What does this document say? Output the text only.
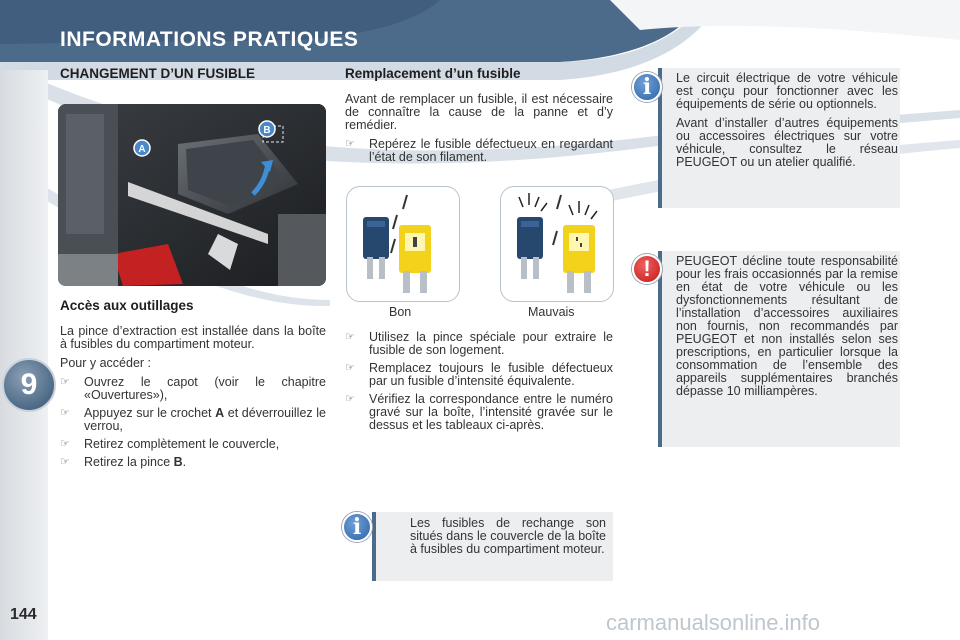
INFORMATIONS PRATIQUES
9
144	carmanualsonline.info
CHANGEMENT D’UN FUSIBLE
A
B
Accès aux outillages

La pince d’extraction est installée dans la boîte à fusibles du compartiment moteur.

Pour y accéder :

☞ Ouvrez le capot (voir le chapitre «Ouvertures»),
☞ Appuyez sur le crochet A et déverrouillez le verrou,
☞ Retirez complètement le couvercle,
☞ Retirez la pince B.
Remplacement d’un fusible

Avant de remplacer un fusible, il est nécessaire de connaître la cause de la panne et d’y remédier.

☞ Repérez le fusible défectueux en regardant l’état de son filament.
Bon	Mauvais
☞ Utilisez la pince spéciale pour extraire le fusible de son logement.
☞ Remplacez toujours le fusible défectueux par un fusible d’intensité équivalente.
☞ Vérifiez la correspondance entre le numéro gravé sur la boîte, l’intensité gravée sur le dessus et les tableaux ci-après.
Les fusibles de rechange son situés dans le couvercle de la boîte à fusibles du compartiment moteur.
i

Le circuit électrique de votre véhicule est conçu pour fonctionner avec les équipements de série ou optionnels.

Avant d’installer d’autres équipements ou accessoires électriques sur votre véhicule, consultez le réseau PEUGEOT ou un atelier qualifié.

i
PEUGEOT décline toute responsabilité pour les frais occasionnés par la remise en état de votre véhicule ou les dysfonctionnements résultant de l’installation d’accessoires auxiliaires non fournis, non recommandés par PEUGEOT et non installés selon ses prescriptions, en particulier lorsque la consommation de l’ensemble des appareils supplémentaires branchés dépasse 10 milliampères.
!
